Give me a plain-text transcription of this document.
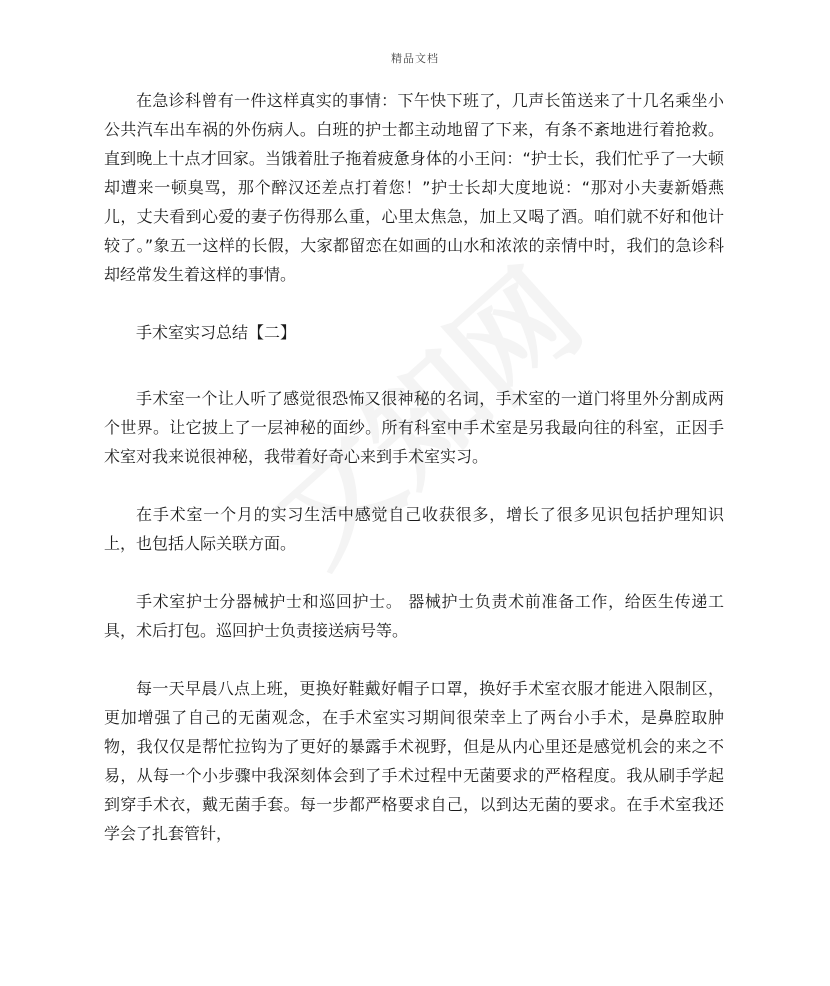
精品文档

在急诊科曾有一件这样真实的事情：下午快下班了，几声长笛送来了十几名乘坐小公共汽车出车祸的外伤病人。白班的护士都主动地留了下来，有条不紊地进行着抢救。直到晚上十点才回家。当饿着肚子拖着疲惫身体的小王问：“护士长，我们忙乎了一大顿却遭来一顿臭骂，那个醉汉还差点打着您！”护士长却大度地说：“那对小夫妻新婚燕儿，丈夫看到心爱的妻子伤得那么重，心里太焦急，加上又喝了酒。咱们就不好和他计较了。”象五一这样的长假，大家都留恋在如画的山水和浓浓的亲情中时，我们的急诊科却经常发生着这样的事情。

手术室实习总结【二】

手术室一个让人听了感觉很恐怖又很神秘的名词，手术室的一道门将里外分割成两个世界。让它披上了一层神秘的面纱。所有科室中手术室是另我最向往的科室，正因手术室对我来说很神秘，我带着好奇心来到手术室实习。

在手术室一个月的实习生活中感觉自己收获很多，增长了很多见识包括护理知识上，也包括人际关联方面。

手术室护士分器械护士和巡回护士。 器械护士负责术前准备工作，给医生传递工具，术后打包。巡回护士负责接送病号等。

每一天早晨八点上班，更换好鞋戴好帽子口罩，换好手术室衣服才能进入限制区，更加增强了自己的无菌观念，在手术室实习期间很荣幸上了两台小手术，是鼻腔取肿物，我仅仅是帮忙拉钩为了更好的暴露手术视野，但是从内心里还是感觉机会的来之不易，从每一个小步骤中我深刻体会到了手术过程中无菌要求的严格程度。我从刷手学起到穿手术衣，戴无菌手套。每一步都严格要求自己，以到达无菌的要求。在手术室我还学会了扎套管针，
